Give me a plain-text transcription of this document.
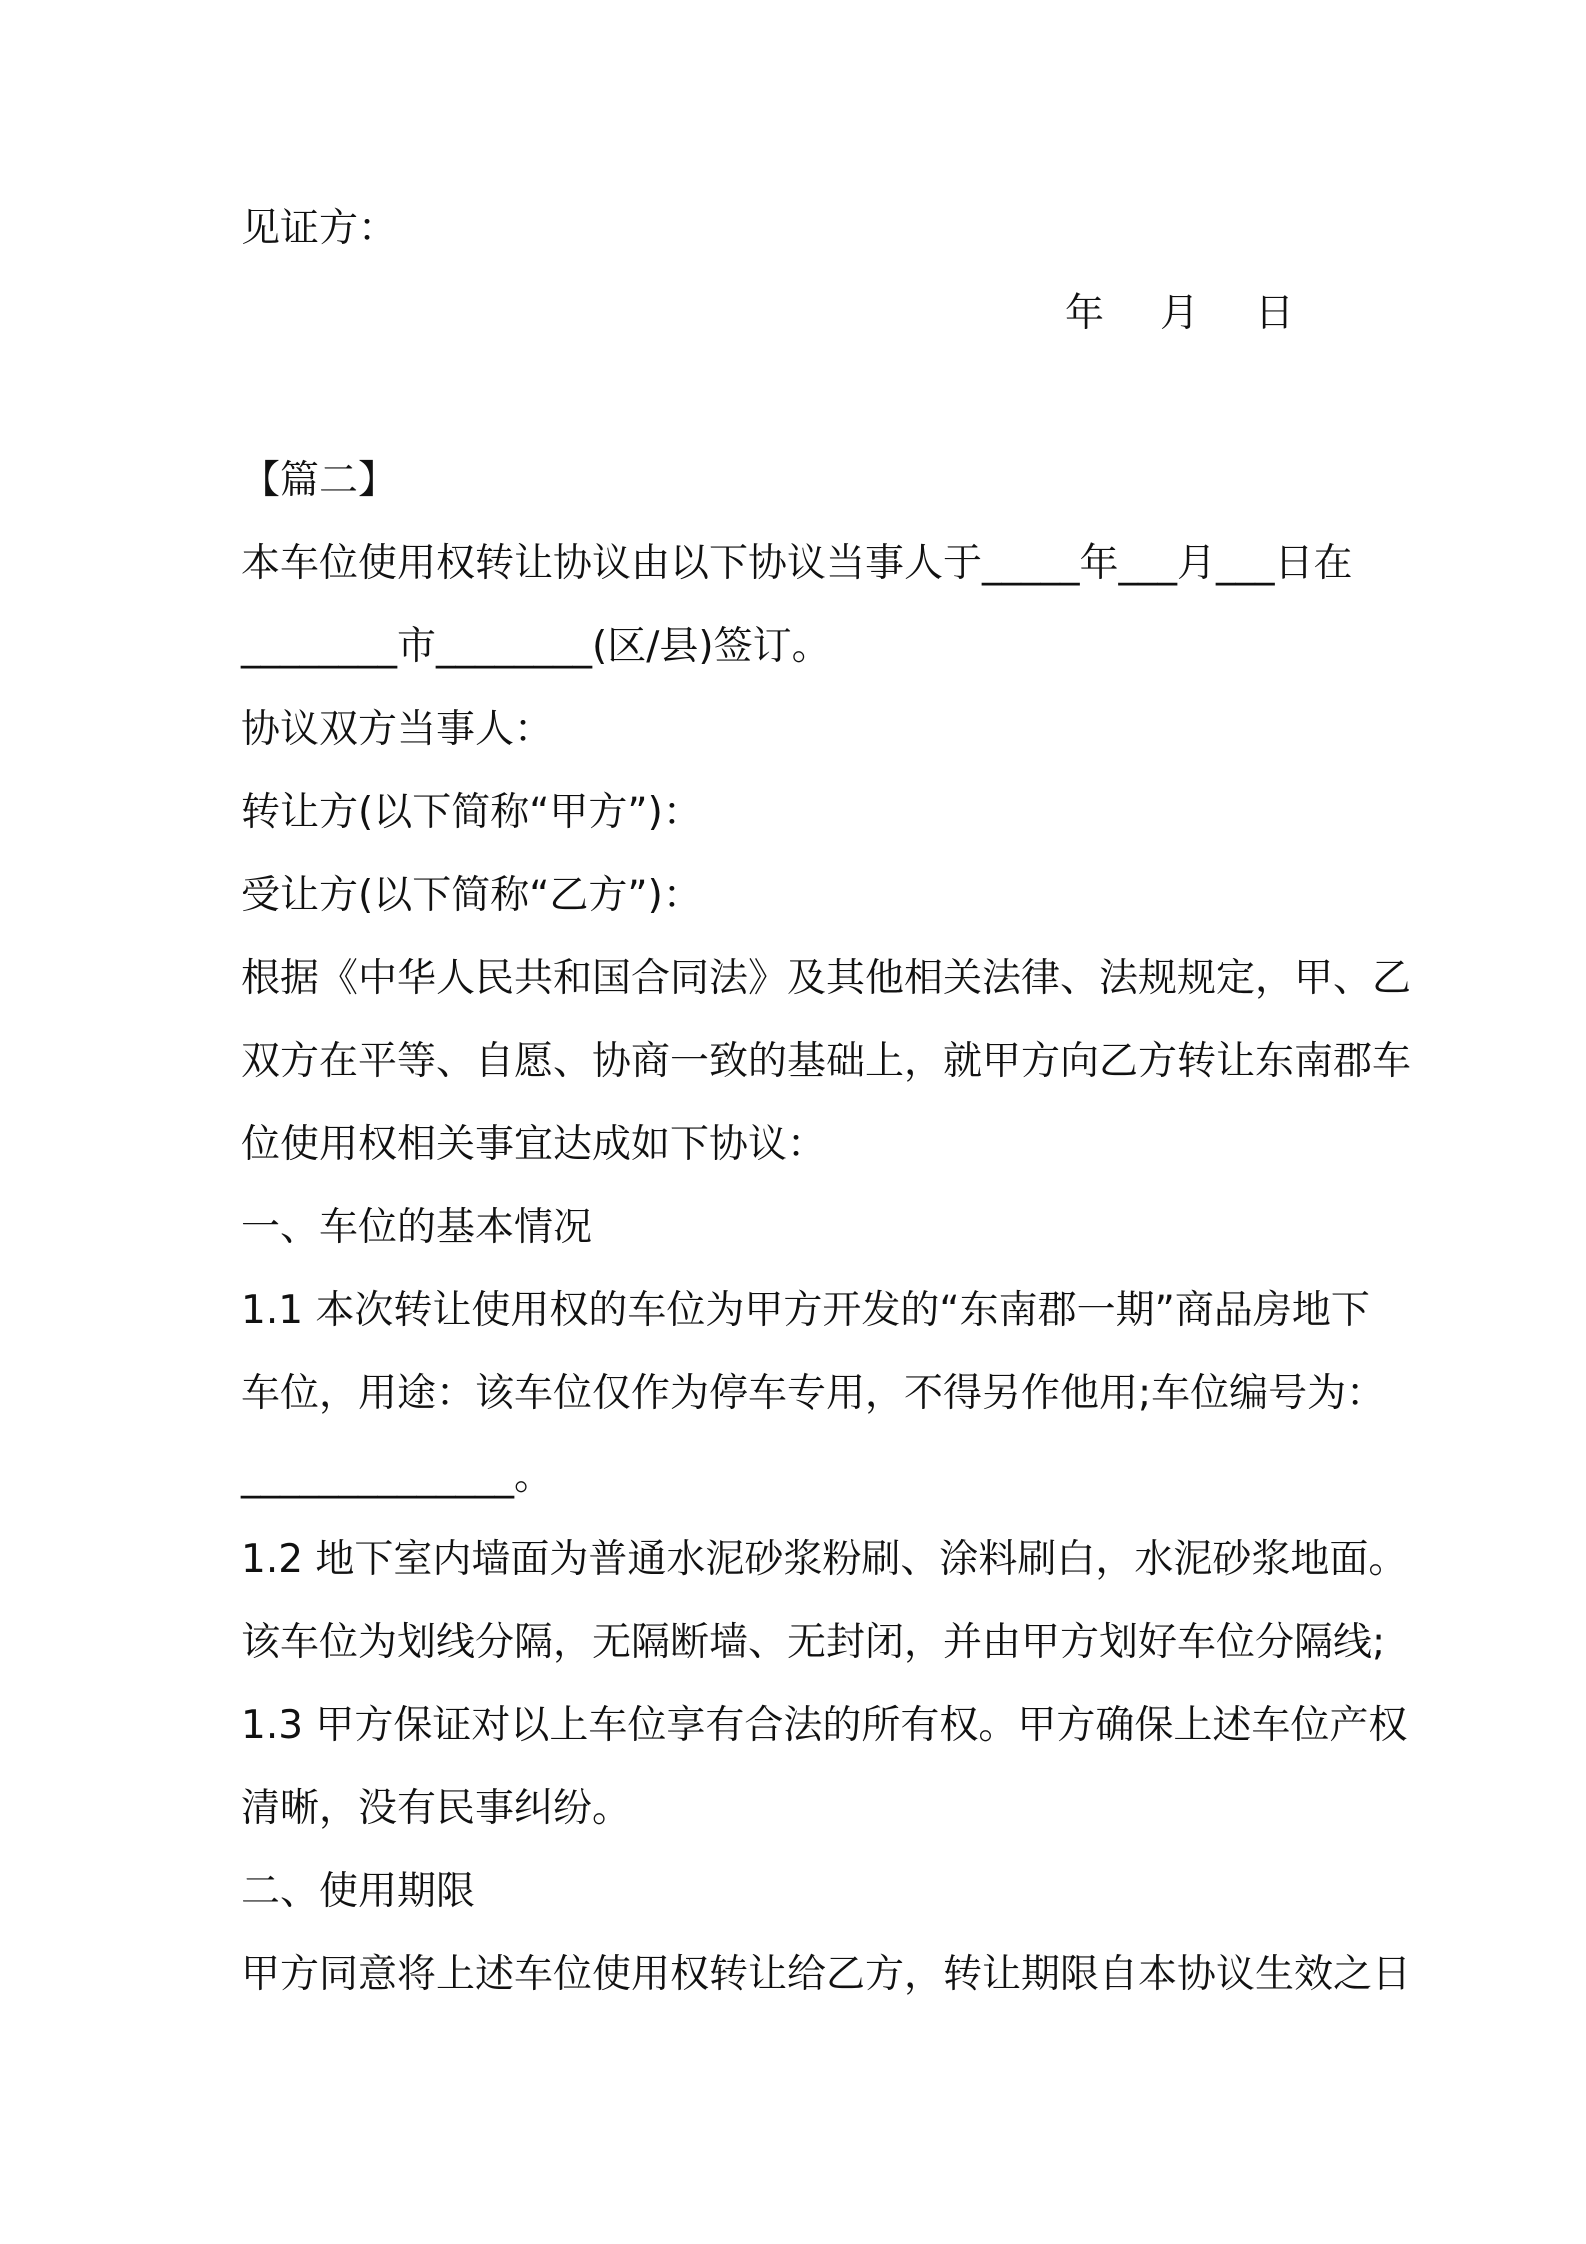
见证方：

年 月 日

【篇二】

本车位使用权转让协议由以下协议当事人于_____年___月___日在

________市________(区/县)签订。

协议双方当事人：

转让方(以下简称“甲方”)：

受让方(以下简称“乙方”)：

根据《中华人民共和国合同法》及其他相关法律、法规规定，甲、乙

双方在平等、自愿、协商一致的基础上，就甲方向乙方转让东南郡车

位使用权相关事宜达成如下协议：

一、车位的基本情况

1.1 本次转让使用权的车位为甲方开发的“东南郡一期”商品房地下

车位，用途：该车位仅作为停车专用，不得另作他用;车位编号为：

______________。

1.2 地下室内墙面为普通水泥砂浆粉刷、涂料刷白，水泥砂浆地面。

该车位为划线分隔，无隔断墙、无封闭，并由甲方划好车位分隔线;

1.3 甲方保证对以上车位享有合法的所有权。甲方确保上述车位产权

清晰，没有民事纠纷。

二、使用期限

甲方同意将上述车位使用权转让给乙方，转让期限自本协议生效之日
